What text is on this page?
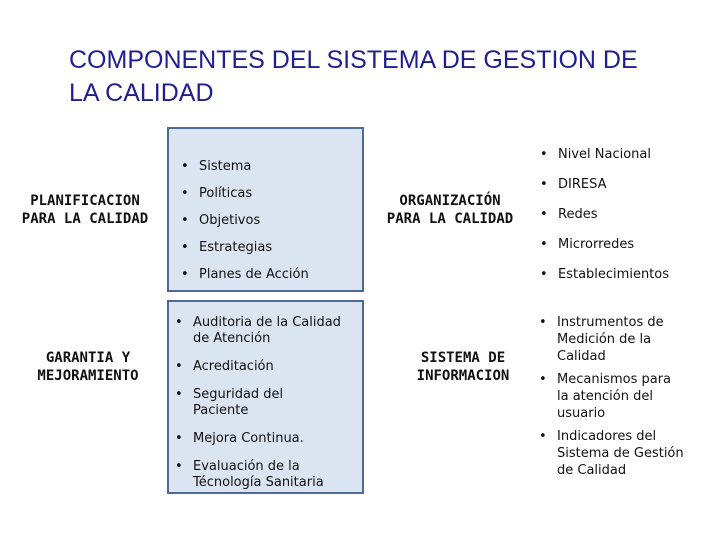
COMPONENTES DEL SISTEMA DE GESTION DE
LA CALIDAD
PLANIFICACION
PARA LA CALIDAD
• Sistema
• Políticas
• Objetivos
• Estrategias
• Planes de Acción
ORGANIZACIÓN
PARA LA CALIDAD
• Nivel Nacional
• DIRESA
• Redes
• Microrredes
• Establecimientos
GARANTIA Y
MEJORAMIENTO
• Auditoria de la Calidad
de Atención
• Acreditación
• Seguridad del
Paciente
• Mejora Continua.
• Evaluación de la
Técnología Sanitaria
SISTEMA DE
INFORMACION
• Instrumentos de
Medición de la
Calidad
• Mecanismos para
la atención del
usuario
• Indicadores del
Sistema de Gestión
de Calidad
